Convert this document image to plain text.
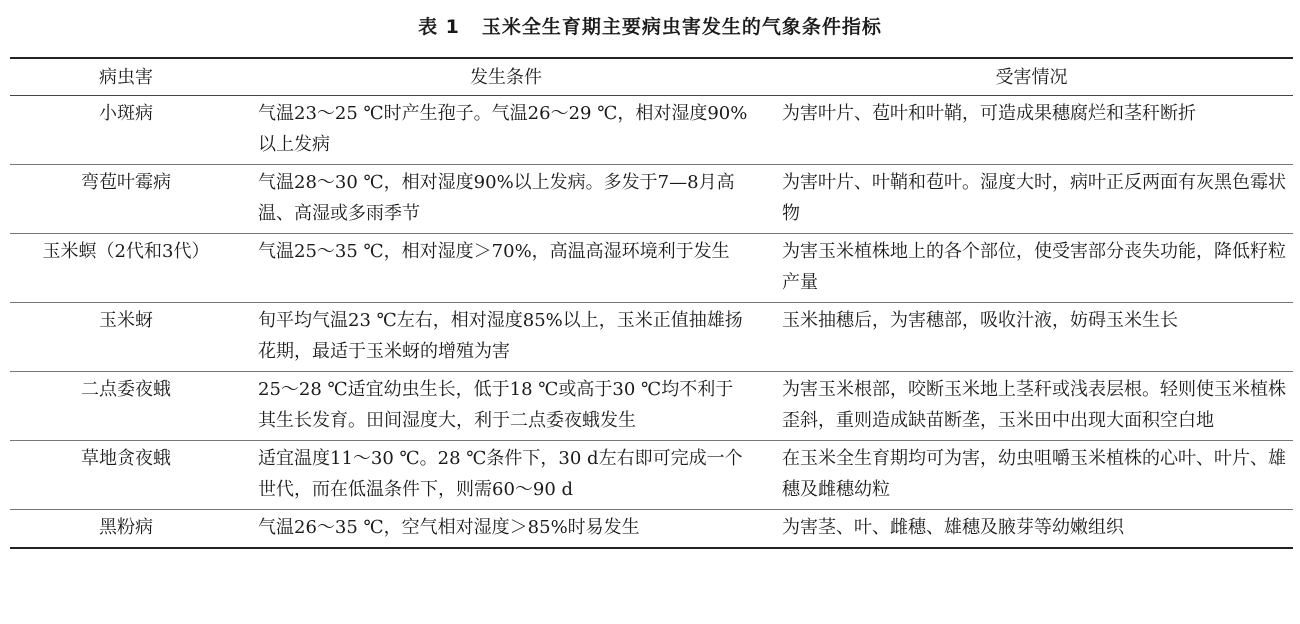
表 1 玉米全生育期主要病虫害发生的气象条件指标
病虫害	发生条件	受害情况
小斑病	气温23～25 ℃时产生孢子。气温26～29 ℃，相对湿度90%以上发病	为害叶片、苞叶和叶鞘，可造成果穗腐烂和茎秆断折
弯苞叶霉病	气温28～30 ℃，相对湿度90%以上发病。多发于7—8月高温、高湿或多雨季节	为害叶片、叶鞘和苞叶。湿度大时，病叶正反两面有灰黑色霉状物
玉米螟（2代和3代）	气温25～35 ℃，相对湿度＞70%，高温高湿环境利于发生	为害玉米植株地上的各个部位，使受害部分丧失功能，降低籽粒产量
玉米蚜	旬平均气温23 ℃左右，相对湿度85%以上，玉米正值抽雄扬花期，最适于玉米蚜的增殖为害	玉米抽穗后，为害穗部，吸收汁液，妨碍玉米生长
二点委夜蛾	25～28 ℃适宜幼虫生长，低于18 ℃或高于30 ℃均不利于其生长发育。田间湿度大，利于二点委夜蛾发生	为害玉米根部，咬断玉米地上茎秆或浅表层根。轻则使玉米植株歪斜，重则造成缺苗断垄，玉米田中出现大面积空白地
草地贪夜蛾	适宜温度11～30 ℃。28 ℃条件下，30 d左右即可完成一个世代，而在低温条件下，则需60～90 d	在玉米全生育期均可为害，幼虫咀嚼玉米植株的心叶、叶片、雄穗及雌穗幼粒
黑粉病	气温26～35 ℃，空气相对湿度＞85%时易发生	为害茎、叶、雌穗、雄穗及腋芽等幼嫩组织
